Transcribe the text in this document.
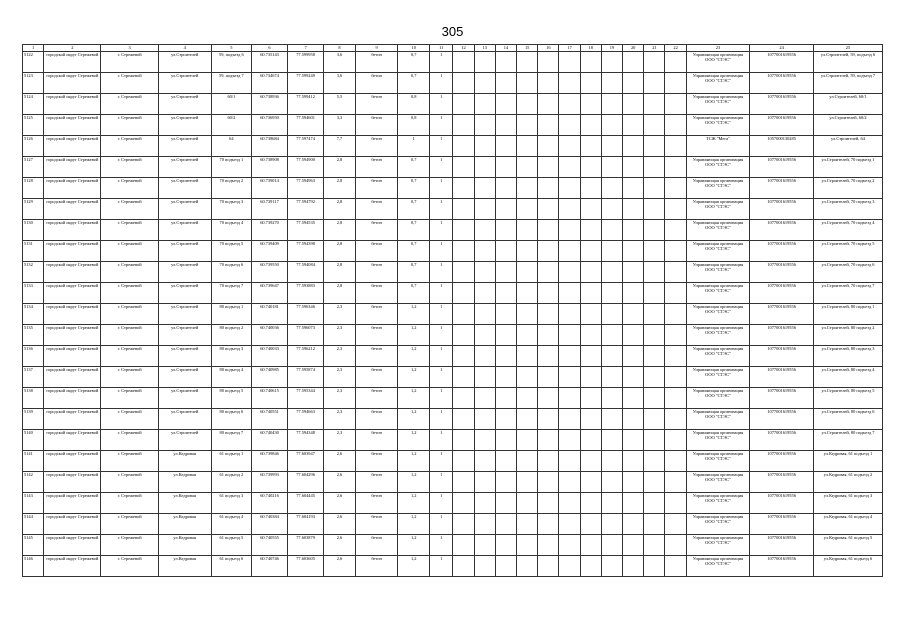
305
1	2	3	4	5	6	7	8	9	10	11	12	13	14	15	16	17	18	19	20	21	22	23	24	25
5122	городской округ Стрежевой	г. Стрежевой	ул.Строителей	59, подъезд 6	60.735143	77.599958	3,6	бетон	0,7	1												Управляющая организация ООО "СТЭС"	1077001619556	ул.Строителей, 59, подъезд 6
5123	городской округ Стрежевой	г. Стрежевой	ул.Строителей	59, подъезд 7	60.734674	77.599249	3,6	бетон	0,7	1												Управляющая организация ООО "СТЭС"	1077001619556	ул.Строителей, 59, подъезд 7
5124	городской округ Стрежевой	г. Стрежевой	ул.Строителей	60/1	60.738936	77.599412	5,5	бетон	0,8	1												Управляющая организация ООО "СТЭС"	1077001619556	ул.Строителей, 60/1
5125	городской округ Стрежевой	г. Стрежевой	ул.Строителей	60/2	60.736950	77.594601	3,3	бетон	0,8	1												Управляющая организация ООО "СТЭС"	1077001619556	ул.Строителей, 60/2
5126	городской округ Стрежевой	г. Стрежевой	ул.Строителей	64	60.738684	77.597474	7,7	бетон	1	1												ТСЖ "Мега"	1057000130285	ул.Строителей, 64
5127	городской округ Стрежевой	г. Стрежевой	ул.Строителей	70 подъезд 1	60.738908	77.594900	2,8	бетон	0,7	1												Управляющая организация ООО "СТЭС"	1077001619556	ул.Строителей, 70 подъезд 1
5128	городской округ Стрежевой	г. Стрежевой	ул.Строителей	70 подъезд 2	60.739014	77.594963	2,8	бетон	0,7	1												Управляющая организация ООО "СТЭС"	1077001619556	ул.Строителей, 70 подъезд 2
5129	городской округ Стрежевой	г. Стрежевой	ул.Строителей	70 подъезд 3	60.739117	77.594792	2,8	бетон	0,7	1												Управляющая организация ООО "СТЭС"	1077001619556	ул.Строителей, 70 подъезд 3
5130	городской округ Стрежевой	г. Стрежевой	ул.Строителей	70 подъезд 4	60.739270	77.594535	2,8	бетон	0,7	1												Управляющая организация ООО "СТЭС"	1077001619556	ул.Строителей, 70 подъезд 4
5131	городской округ Стрежевой	г. Стрежевой	ул.Строителей	70 подъезд 5	60.739409	77.594398	2,8	бетон	0,7	1												Управляющая организация ООО "СТЭС"	1077001619556	ул.Строителей, 70 подъезд 5
5132	городской округ Стрежевой	г. Стрежевой	ул.Строителей	70 подъезд 6	60.739550	77.594084	2,8	бетон	0,7	1												Управляющая организация ООО "СТЭС"	1077001619556	ул.Строителей, 70 подъезд 6
5133	городской округ Стрежевой	г. Стрежевой	ул.Строителей	70 подъезд 7	60.739647	77.593883	2,8	бетон	0,7	1												Управляющая организация ООО "СТЭС"	1077001619556	ул.Строителей, 70 подъезд 7
5134	городской округ Стрежевой	г. Стрежевой	ул.Строителей	80 подъезд 1	60.740181	77.596346	2,3	бетон	1,2	1												Управляющая организация ООО "СТЭС"	1077001619556	ул.Строителей, 80 подъезд 1
5135	городской округ Стрежевой	г. Стрежевой	ул.Строителей	80 подъезд 2	60.740036	77.596073	2,3	бетон	1,2	1												Управляющая организация ООО "СТЭС"	1077001619556	ул.Строителей, 80 подъезд 2
5136	городской округ Стрежевой	г. Стрежевой	ул.Строителей	80 подъезд 3	60.740033	77.596212	2,3	бетон	1,2	1												Управляющая организация ООО "СТЭС"	1077001619556	ул.Строителей, 80 подъезд 3
5137	городской округ Стрежевой	г. Стрежевой	ул.Строителей	80 подъезд 4	60.740985	77.595874	2,3	бетон	1,2	1												Управляющая организация ООО "СТЭС"	1077001619556	ул.Строителей, 80 подъезд 4
5138	городской округ Стрежевой	г. Стрежевой	ул.Строителей	80 подъезд 5	60.740615	77.595344	2,3	бетон	1,2	1												Управляющая организация ООО "СТЭС"	1077001619556	ул.Строителей, 80 подъезд 5
5139	городской округ Стрежевой	г. Стрежевой	ул.Строителей	80 подъезд 6	60.740551	77.594663	2,3	бетон	1,2	1												Управляющая организация ООО "СТЭС"	1077001619556	ул.Строителей, 80 подъезд 6
5140	городской округ Стрежевой	г. Стрежевой	ул.Строителей	80 подъезд 7	60.740430	77.594348	2,3	бетон	1,2	1												Управляющая организация ООО "СТЭС"	1077001619556	ул.Строителей, 80 подъезд 7
5141	городской округ Стрежевой	г. Стрежевой	ул.Кедровая	61 подъезд 1	60.739846	77.603947	2,6	бетон	1,2	1												Управляющая организация ООО "СТЭС"	1077001619556	ул.Кедровая, 61 подъезд 1
5142	городской округ Стрежевой	г. Стрежевой	ул.Кедровая	61 подъезд 2	60.739993	77.604296	2,6	бетон	1,2	1												Управляющая организация ООО "СТЭС"	1077001619556	ул.Кедровая, 61 подъезд 2
5143	городской округ Стрежевой	г. Стрежевой	ул.Кедровая	61 подъезд 3	60.740216	77.604445	2,6	бетон	1,2	1												Управляющая организация ООО "СТЭС"	1077001619556	ул.Кедровая, 61 подъезд 3
5144	городской округ Стрежевой	г. Стрежевой	ул.Кедровая	61 подъезд 4	60.740384	77.604193	2,6	бетон	1,2	1												Управляющая организация ООО "СТЭС"	1077001619556	ул.Кедровая, 61 подъезд 4
5145	городской округ Стрежевой	г. Стрежевой	ул.Кедровая	61 подъезд 5	60.740555	77.603879	2,6	бетон	1,2	1												Управляющая организация ООО "СТЭС"	1077001619556	ул.Кедровая, 61 подъезд 5
5146	городской округ Стрежевой	г. Стрежевой	ул.Кедровая	61 подъезд 6	60.740746	77.603605	2,6	бетон	1,2	1												Управляющая организация ООО "СТЭС"	1077001619556	ул.Кедровая, 61 подъезд 6
